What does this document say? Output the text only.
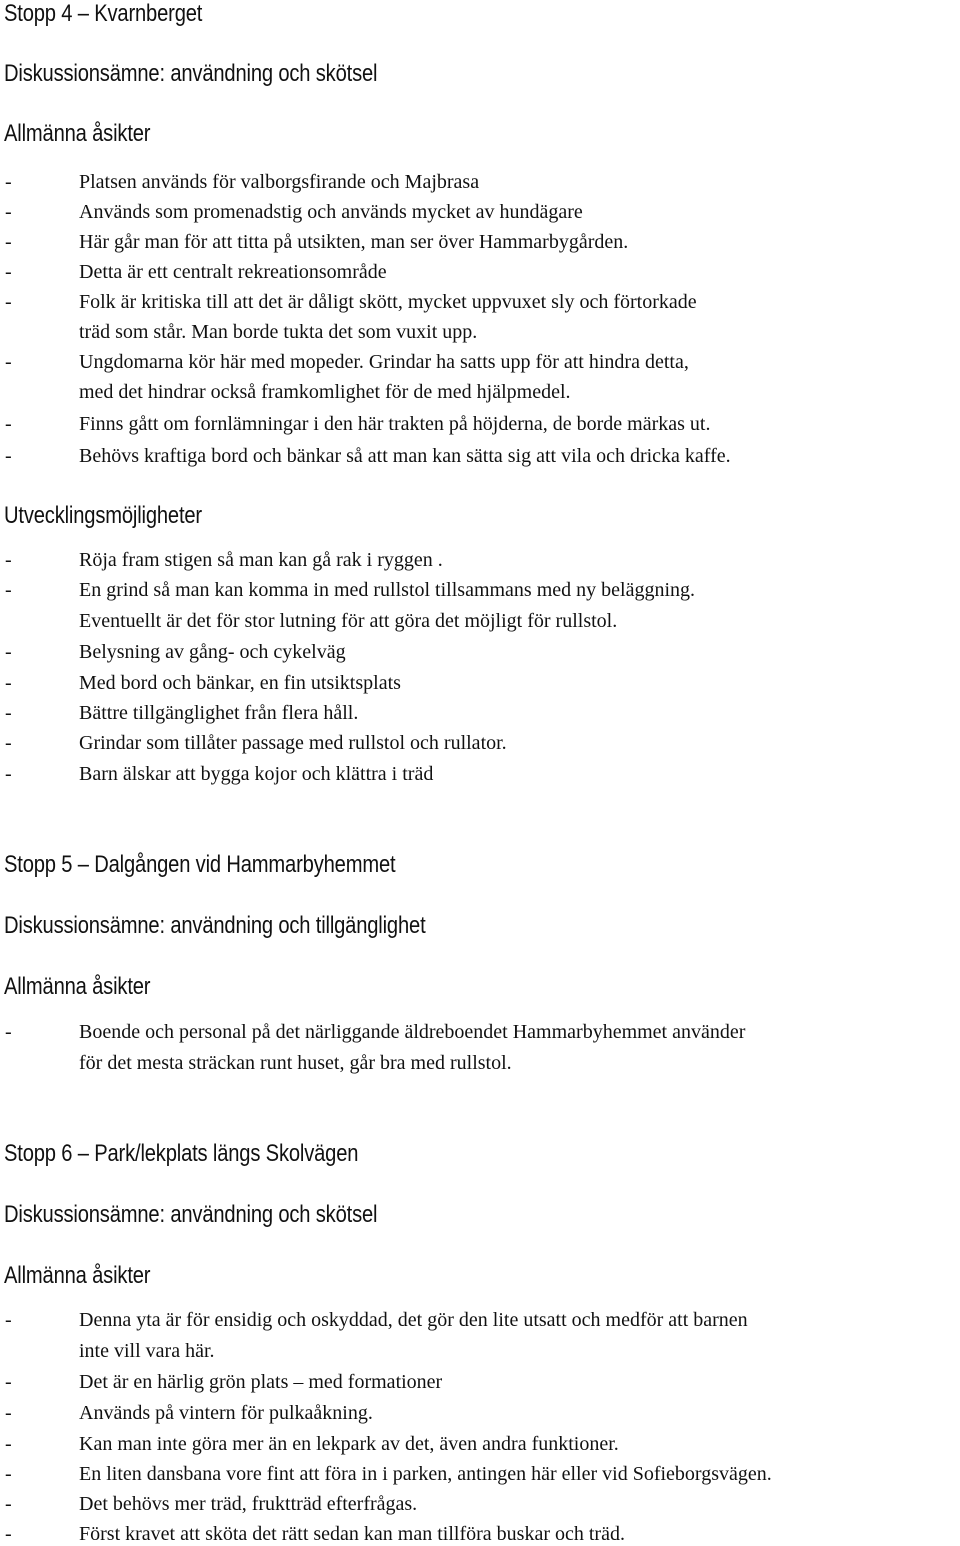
Stopp 4 – Kvarnberget
Diskussionsämne: användning och skötsel
Allmänna åsikter
-	Platsen används för valborgsfirande och Majbrasa
-	Används som promenadstig och används mycket av hundägare
-	Här går man för att titta på utsikten, man ser över Hammarbygården.
-	Detta är ett centralt rekreationsområde
-	Folk är kritiska till att det är dåligt skött, mycket uppvuxet sly och förtorkade
träd som står. Man borde tukta det som vuxit upp.
-	Ungdomarna kör här med mopeder. Grindar ha satts upp för att hindra detta,
med det hindrar också framkomlighet för de med hjälpmedel.
-	Finns gått om fornlämningar i den här trakten på höjderna, de borde märkas ut.
-	Behövs kraftiga bord och bänkar så att man kan sätta sig att vila och dricka kaffe.
Utvecklingsmöjligheter
-	Röja fram stigen så man kan gå rak i ryggen .
-	En grind så man kan komma in med rullstol tillsammans med ny beläggning.
Eventuellt är det för stor lutning för att göra det möjligt för rullstol.
-	Belysning av gång- och cykelväg
-	Med bord och bänkar, en fin utsiktsplats
-	Bättre tillgänglighet från flera håll.
-	Grindar som tillåter passage med rullstol och rullator.
-	Barn älskar att bygga kojor och klättra i träd
Stopp 5 – Dalgången vid Hammarbyhemmet
Diskussionsämne: användning och tillgänglighet
Allmänna åsikter
-	Boende och personal på det närliggande äldreboendet Hammarbyhemmet använder
för det mesta sträckan runt huset, går bra med rullstol.
Stopp 6 – Park/lekplats längs Skolvägen
Diskussionsämne: användning och skötsel
Allmänna åsikter
-	Denna yta är för ensidig och oskyddad, det gör den lite utsatt och medför att barnen
inte vill vara här.
-	Det är en härlig grön plats – med formationer
-	Används på vintern för pulkaåkning.
-	Kan man inte göra mer än en lekpark av det, även andra funktioner.
-	En liten dansbana vore fint att föra in i parken, antingen här eller vid Sofieborgsvägen.
-	Det behövs mer träd, fruktträd efterfrågas.
-	Först kravet att sköta det rätt sedan kan man tillföra buskar och träd.
